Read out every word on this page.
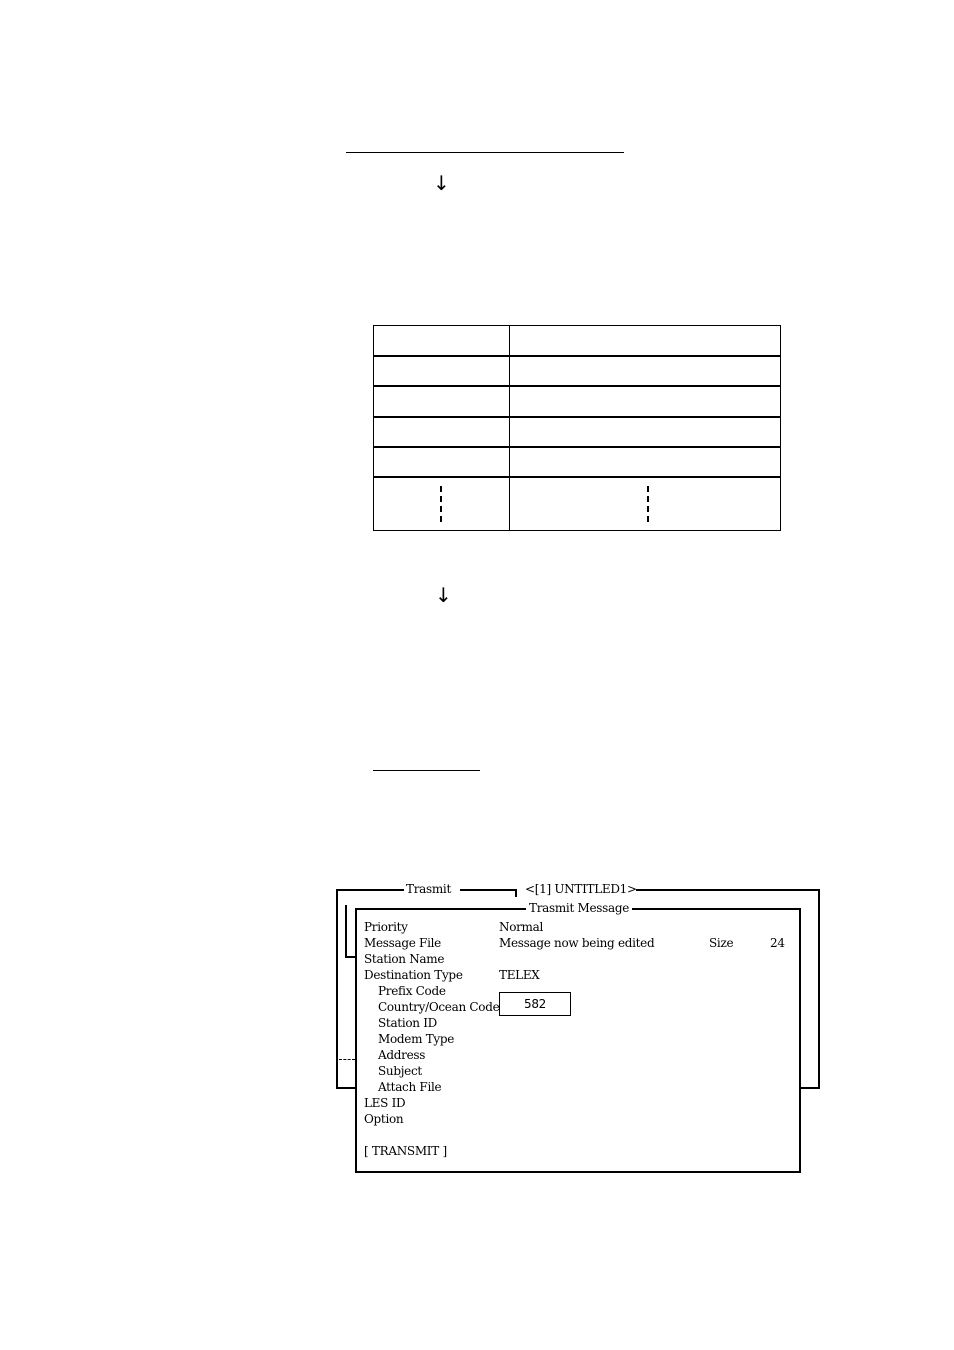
↓
↓
Trasmit	<[1] UNTITLED1>
Trasmit Message
Priority	Normal
Message File	Message now being edited	Size	24
Station Name
Destination Type	TELEX
Prefix Code
Country/Ocean Code	582
Station ID
Modem Type
Address
Subject
Attach File
LES ID
Option
[ TRANSMIT ]
